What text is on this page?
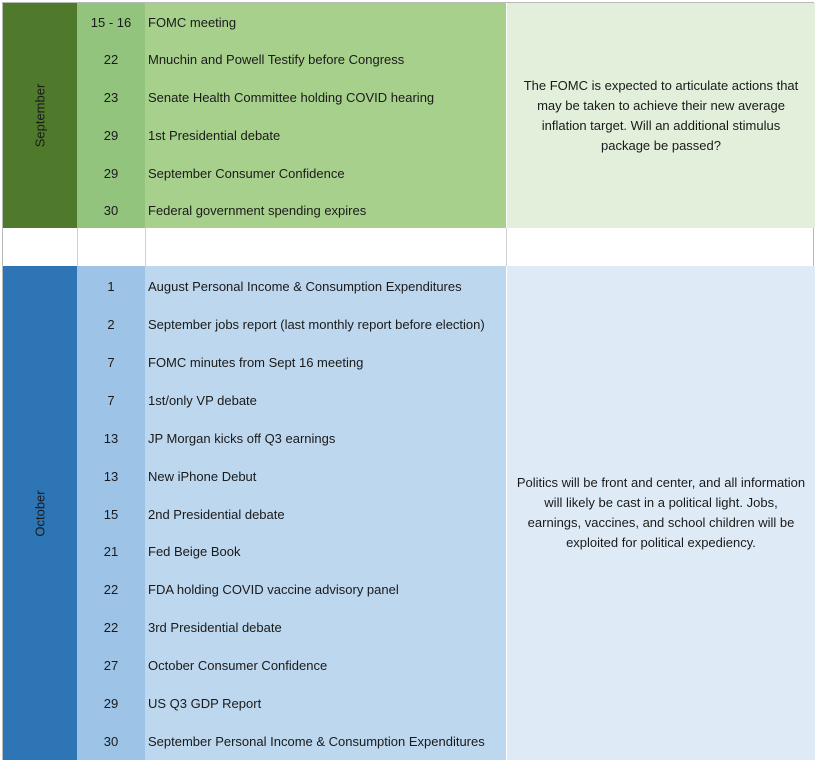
September
15 - 16
22
23
29
29
30
FOMC meeting
Mnuchin and Powell Testify before Congress
Senate Health Committee holding COVID hearing
1st Presidential debate
September Consumer Confidence
Federal government spending expires
The FOMC is expected to articulate actions that may be taken to achieve their new average inflation target. Will an additional stimulus package be passed?
October
1
2
7
7
13
13
15
21
22
22
27
29
30
August Personal Income & Consumption Expenditures
September jobs report (last monthly report before election)
FOMC minutes from Sept 16 meeting
1st/only VP debate
JP Morgan kicks off Q3 earnings
New iPhone Debut
2nd Presidential debate
Fed Beige Book
FDA holding COVID vaccine advisory panel
3rd Presidential debate
October Consumer Confidence
US Q3 GDP Report
September Personal Income & Consumption Expenditures
Politics will be front and center, and all information will likely be cast in a political light. Jobs, earnings, vaccines, and school children will be exploited for political expediency.
